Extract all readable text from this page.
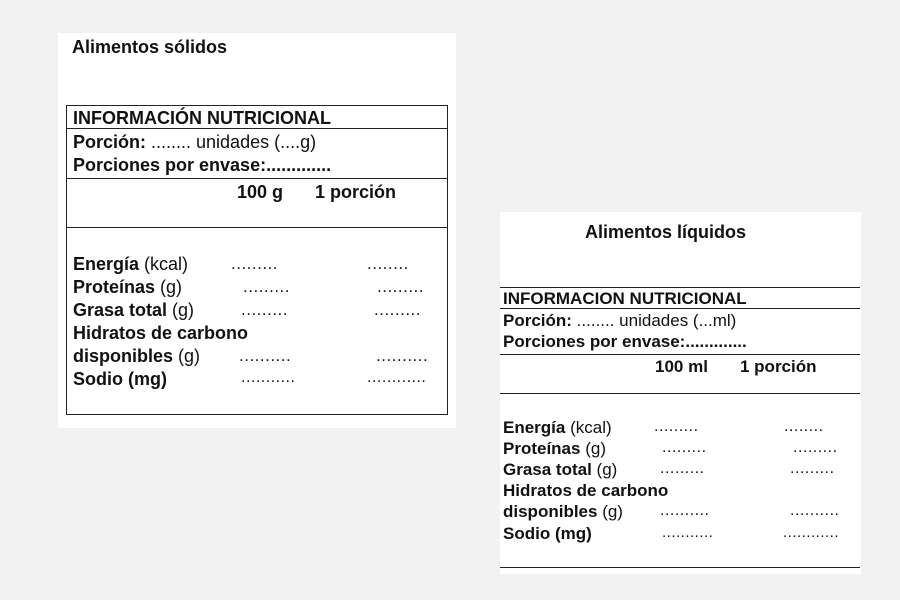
Alimentos sólidos
INFORMACIÓN NUTRICIONAL
Porción: ........ unidades (....g)
Porciones por envase:.............
100 g 1 porción
Energía (kcal)	.........	........
Proteínas (g)	.........	.........
Grasa total (g)	.........	.........
Hidratos de carbono
disponibles (g) ..........	..........
Sodio (mg)	...........	............
Alimentos líquidos
INFORMACION NUTRICIONAL
Porción: ........ unidades (...ml)
Porciones por envase:.............
100 ml 1 porción
Energía (kcal)	.........	........
Proteínas (g)	.........	.........
Grasa total (g)	.........	.........
Hidratos de carbono
disponibles (g) ..........	..........
Sodio (mg)	...........	............
